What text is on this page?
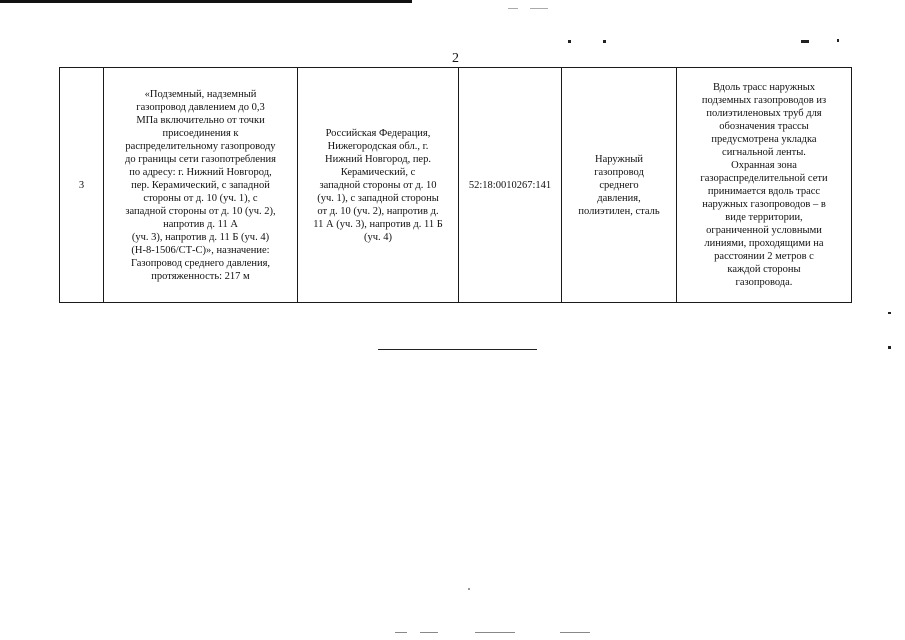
2
3	«Подземный, надземный
газопровод давлением до 0,3
МПа включительно от точки
присоединения к
распределительному газопроводу
до границы сети газопотребления
по адресу: г. Нижний Новгород,
пер. Керамический, с западной
стороны от д. 10 (уч. 1), с
западной стороны от д. 10 (уч. 2),
напротив д. 11 А
(уч. 3), напротив д. 11 Б (уч. 4)
(Н-8-1506/СТ-С)», назначение:
Газопровод среднего давления,
протяженность: 217 м	Российская Федерация,
Нижегородская обл., г.
Нижний Новгород, пер.
Керамический, с
западной стороны от д. 10
(уч. 1), с западной стороны
от д. 10 (уч. 2), напротив д.
11 А (уч. 3), напротив д. 11 Б
(уч. 4)	52:18:0010267:141	Наружный
газопровод
среднего
давления,
полиэтилен, сталь	Вдоль трасс наружных
подземных газопроводов из
полиэтиленовых труб для
обозначения трассы
предусмотрена укладка
сигнальной ленты.
Охранная зона
газораспределительной сети
принимается вдоль трасс
наружных газопроводов – в
виде территории,
ограниченной условными
линиями, проходящими на
расстоянии 2 метров с
каждой стороны
газопровода.
